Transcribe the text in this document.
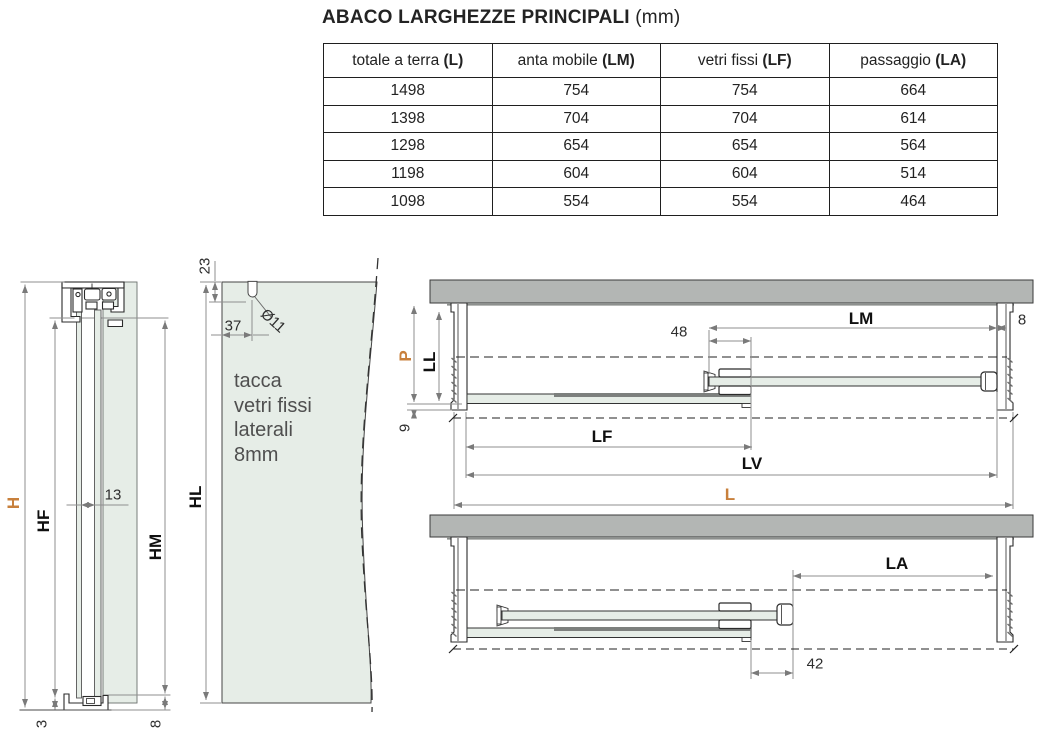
ABACO LARGHEZZE PRINCIPALI (mm)
totale a terra (L)	anta mobile (LM)	vetri fissi (LF)	passaggio (LA)
1498	754	754	664
1398	704	704	614
1298	654	654	564
1198	604	604	514
1098	554	554	464
H
HF
HM
HL
13
3	8
23
37 Ø11
tacca
vetri fissi
laterali
8mm
P LL
9
48
LM	8
LF
LV
L
LA
42
